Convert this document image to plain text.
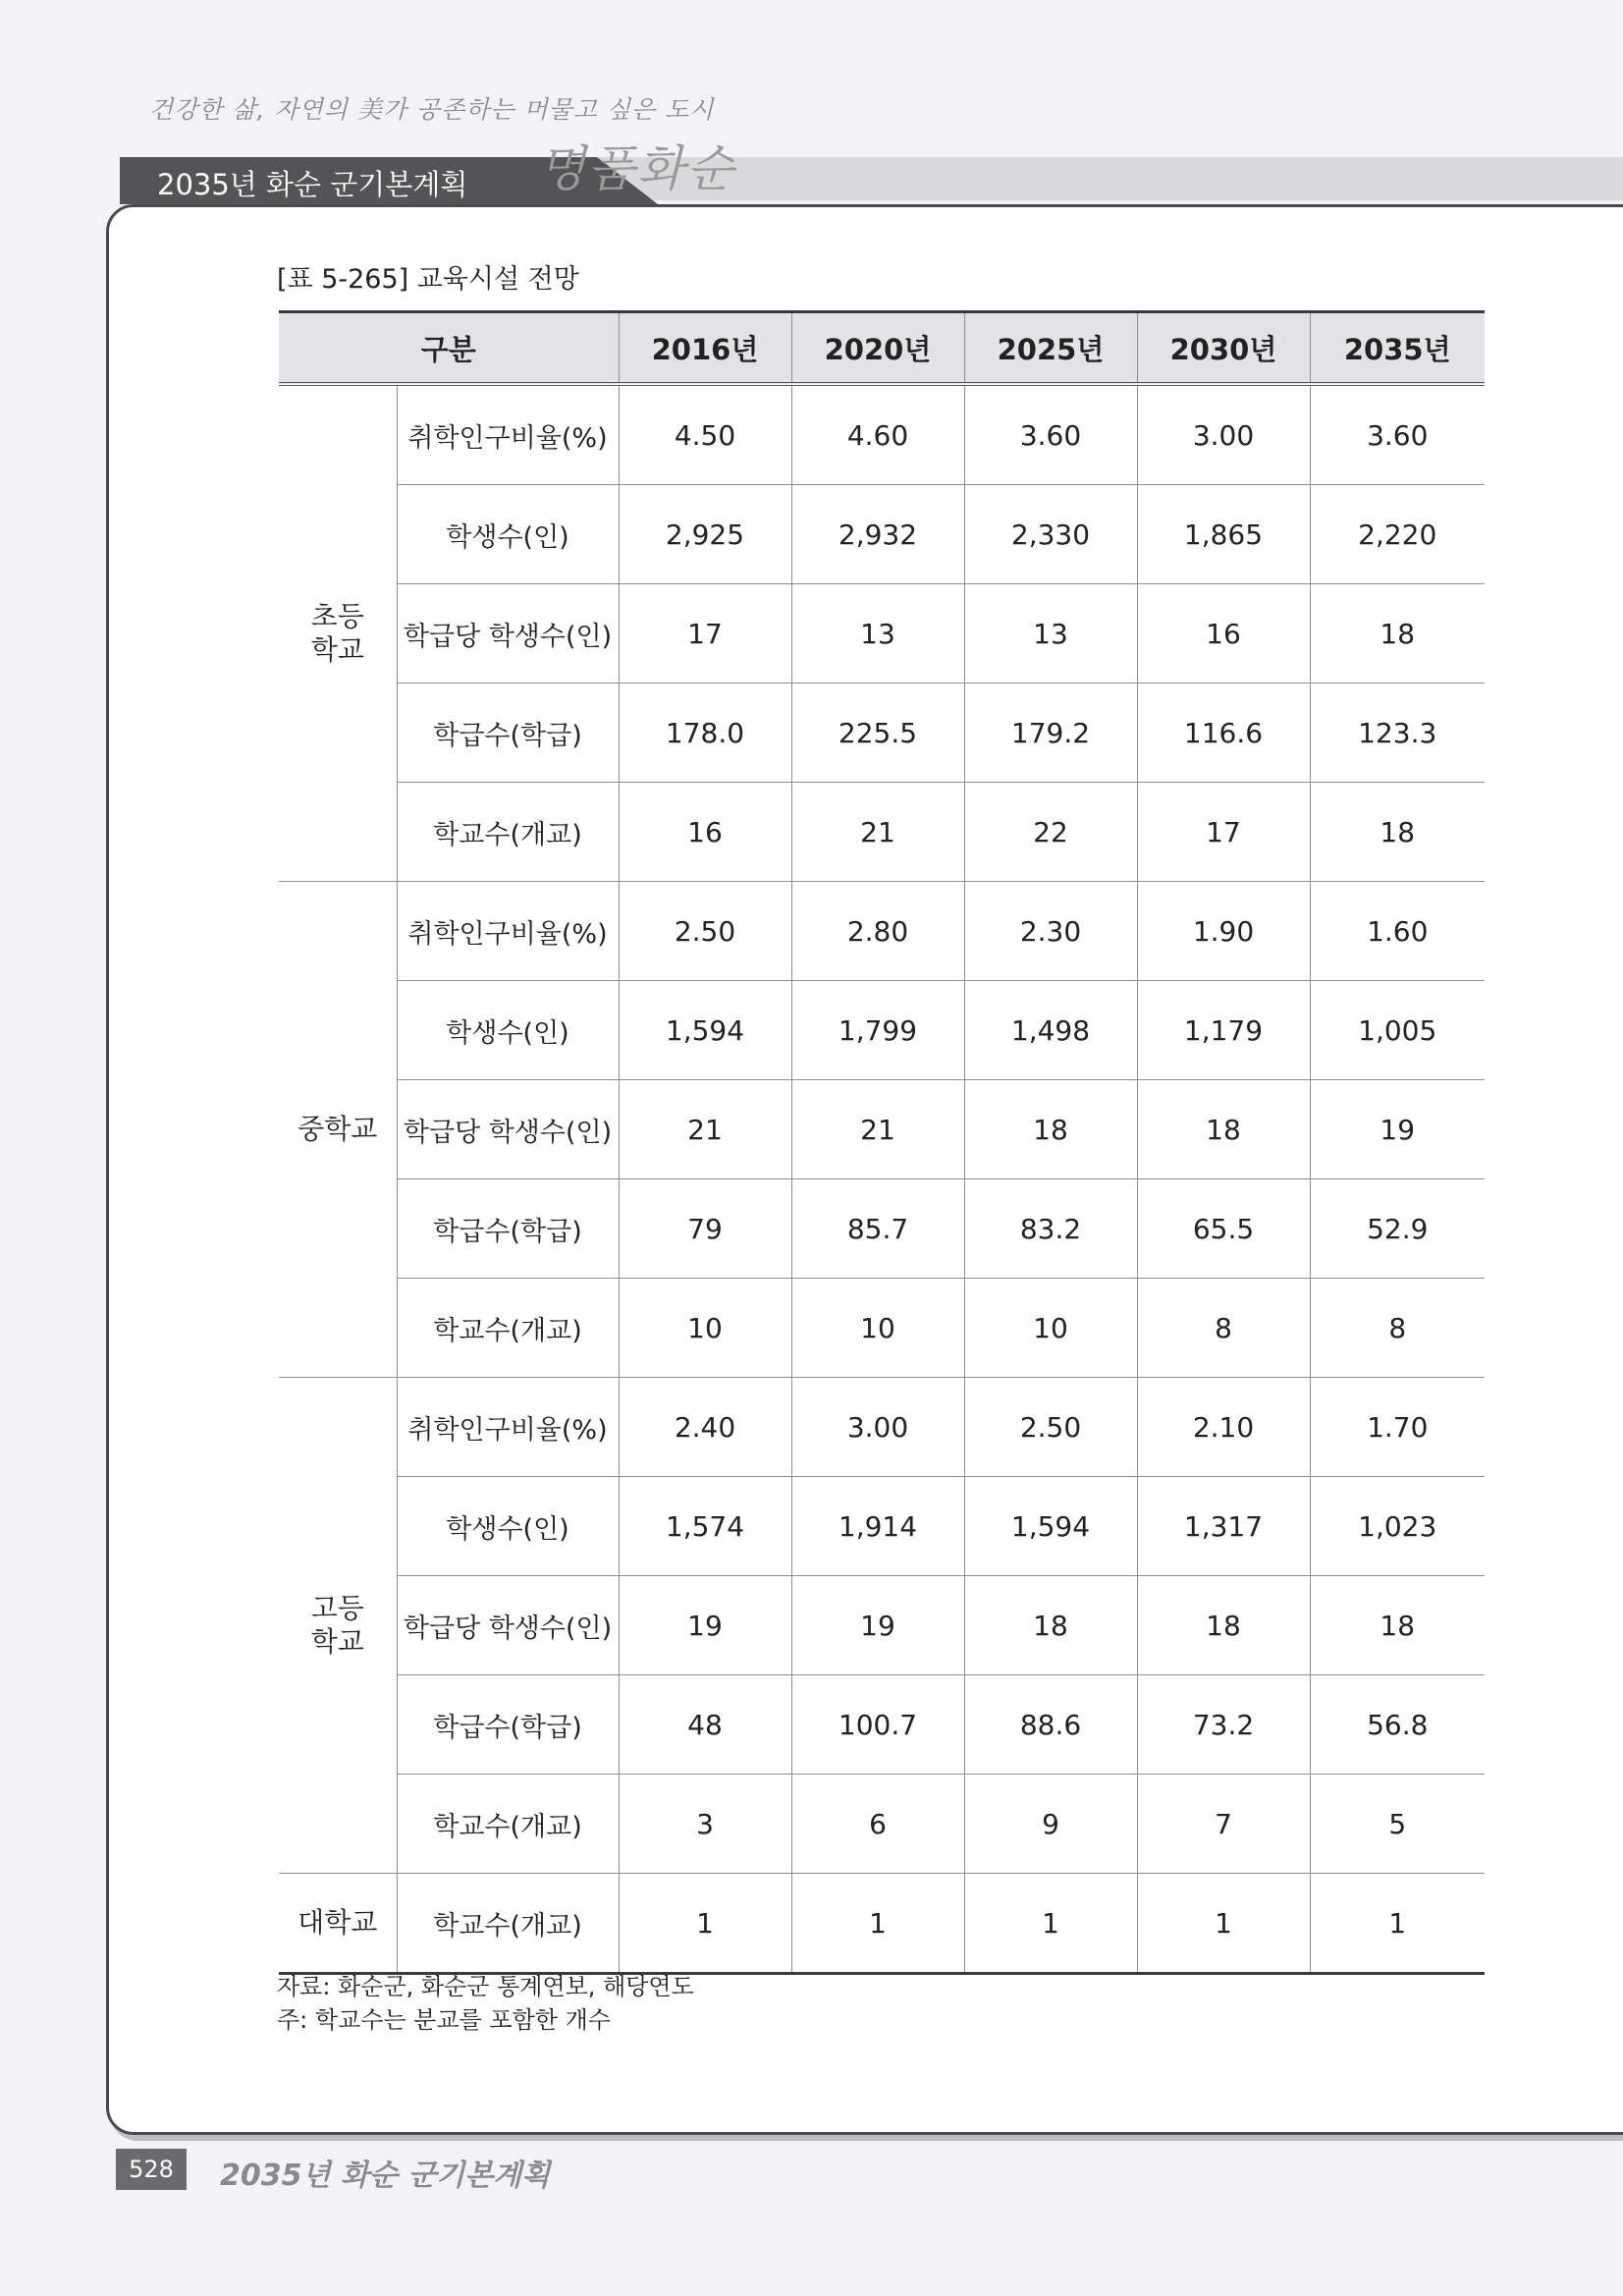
건강한 삶, 자연의 美가 공존하는 머물고 싶은 도시
2035년 화순 군기본계획 명품화순
[표 5-265] 교육시설 전망
구분		2016년	2020년	2025년	2030년	2035년

초등
학교	취학인구비율(%)	4.50	4.60	3.60	3.00	3.60
	학생수(인)	2,925	2,932	2,330	1,865	2,220
	학급당 학생수(인)	17	13	13	16	18
	학급수(학급)	178.0	225.5	179.2	116.6	123.3
	학교수(개교)	16	21	22	17	18

중학교	취학인구비율(%)	2.50	2.80	2.30	1.90	1.60
	학생수(인)	1,594	1,799	1,498	1,179	1,005
	학급당 학생수(인)	21	21	18	18	19
	학급수(학급)	79	85.7	83.2	65.5	52.9
	학교수(개교)	10	10	10	8	8

고등
학교	취학인구비율(%)	2.40	3.00	2.50	2.10	1.70
	학생수(인)	1,574	1,914	1,594	1,317	1,023
	학급당 학생수(인)	19	19	18	18	18
	학급수(학급)	48	100.7	88.6	73.2	56.8
	학교수(개교)	3	6	9	7	5

대학교	학교수(개교)	1	1	1	1	1
자료: 화순군, 화순군 통계연보, 해당연도
주: 학교수는 분교를 포함한 개수
528	2035년 화순 군기본계획
